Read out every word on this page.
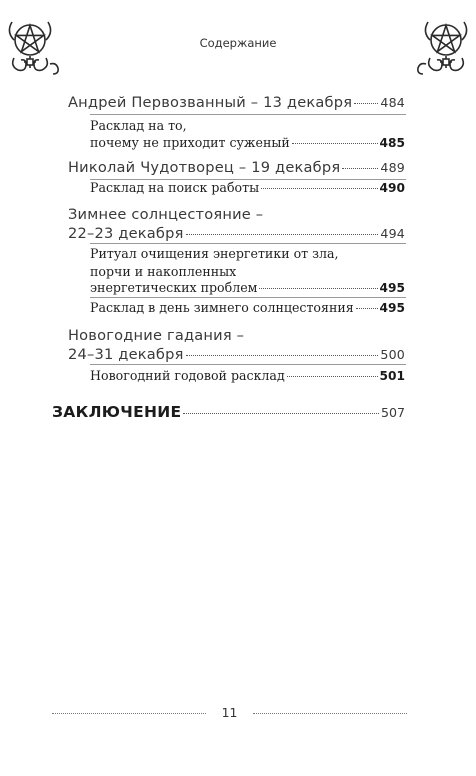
Содержание
Андрей Первозванный – 13 декабря 484
Расклад на то,
почему не приходит суженый	485
Николай Чудотворец – 19 декабря	489
Расклад на поиск работы	490
Зимнее солнцестояние –
22–23 декабря	494
Ритуал очищения энергетики от зла,
порчи и накопленных
энергетических проблем	495
Расклад в день зимнего солнцестояния 495
Новогодние гадания –
24–31 декабря	500
Новогодний годовой расклад	501
ЗАКЛЮЧЕНИЕ	507
11
